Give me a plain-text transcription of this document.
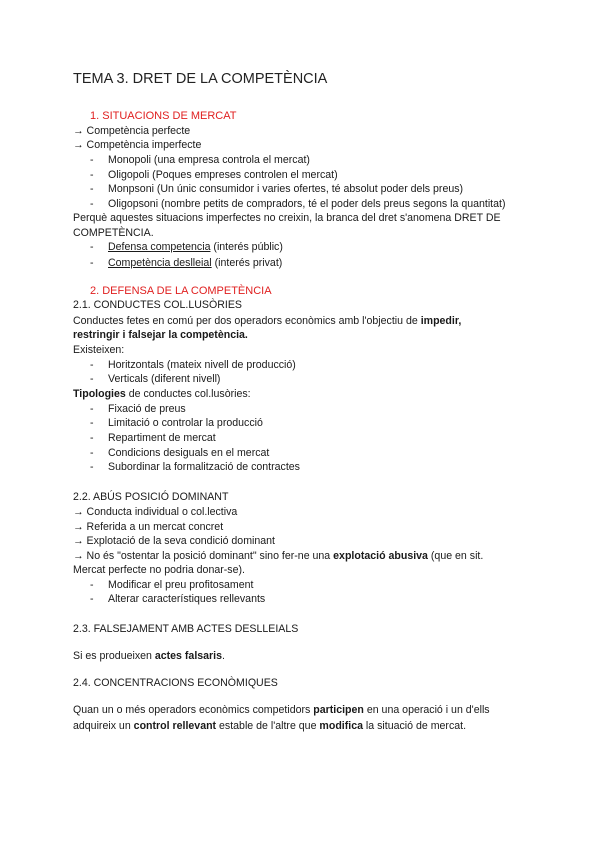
TEMA 3. DRET DE LA COMPETÈNCIA
1. SITUACIONS DE MERCAT
→ Competència perfecte
→ Competència imperfecte
- Monopoli (una empresa controla el mercat)
- Oligopoli (Poques empreses controlen el mercat)
- Monpsoni (Un únic consumidor i varies ofertes, té absolut poder dels preus)
- Oligopsoni (nombre petits de compradors, té el poder dels preus segons la quantitat)
Perquè aquestes situacions imperfectes no creixin, la branca del dret s'anomena DRET DE
COMPETÈNCIA.
- Defensa competencia (interés públic)
- Competència deslleial (interés privat)
2. DEFENSA DE LA COMPETÈNCIA
2.1. CONDUCTES COL.LUSÒRIES
Conductes fetes en comú per dos operadors econòmics amb l'objectiu de impedir,
restringir i falsejar la competència.
Existeixen:
- Horitzontals (mateix nivell de producció)
- Verticals (diferent nivell)
Tipologies de conductes col.lusòries:
- Fixació de preus
- Limitació o controlar la producció
- Repartiment de mercat
- Condicions desiguals en el mercat
- Subordinar la formalització de contractes
2.2. ABÚS POSICIÓ DOMINANT
→ Conducta individual o col.lectiva
→ Referida a un mercat concret
→ Explotació de la seva condició dominant
→ No és "ostentar la posició dominant" sino fer-ne una explotació abusiva (que en sit.
Mercat perfecte no podria donar-se).
- Modificar el preu profitosament
- Alterar característiques rellevants
2.3. FALSEJAMENT AMB ACTES DESLLEIALS
Si es produeixen actes falsaris.
2.4. CONCENTRACIONS ECONÒMIQUES
Quan un o més operadors econòmics competidors participen en una operació i un d'ells
adquireix un control rellevant estable de l'altre que modifica la situació de mercat.
